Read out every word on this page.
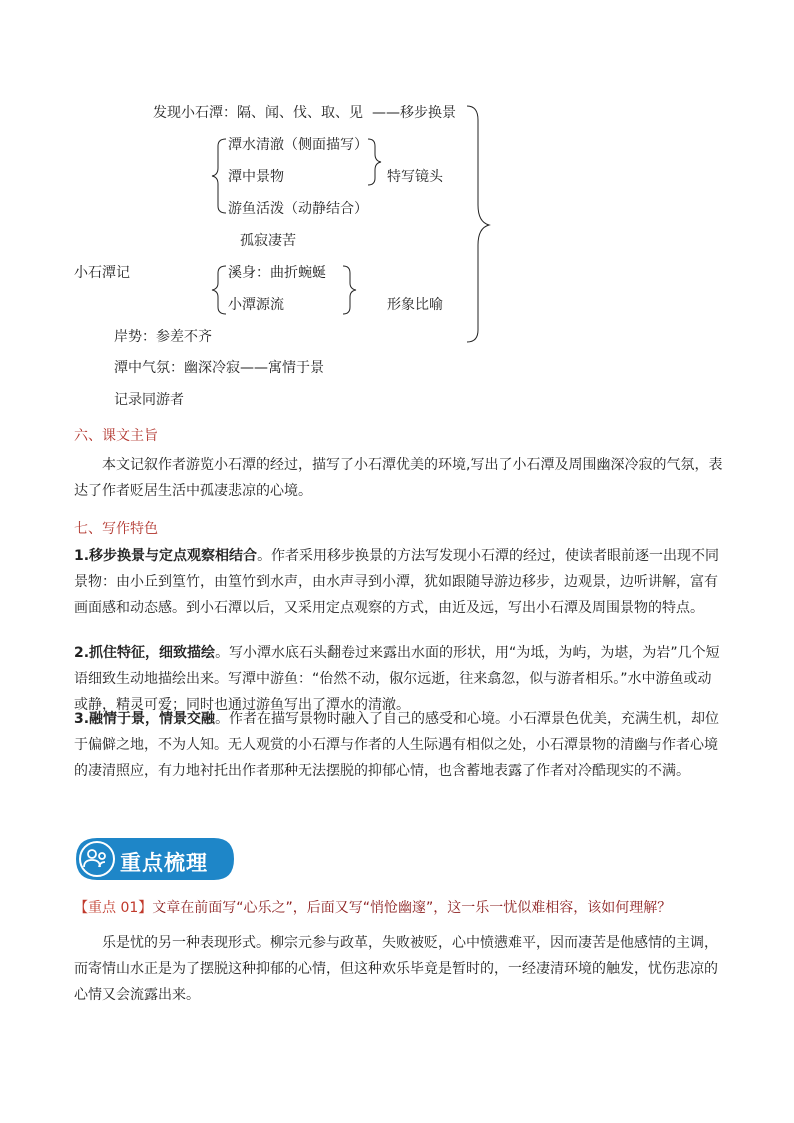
发现小石潭：隔、闻、伐、取、见 ——移步换景
潭水清澈（侧面描写）
潭中景物
游鱼活泼（动静结合）
特写镜头
孤寂凄苦
小石潭记	溪身：曲折蜿蜒
小潭源流	形象比喻
岸势：参差不齐
潭中气氛：幽深冷寂——寓情于景
记录同游者
六、课文主旨
本文记叙作者游览小石潭的经过，描写了小石潭优美的环境,写出了小石潭及周围幽深冷寂的气氛，表达了作者贬居生活中孤凄悲凉的心境。
七、写作特色
1.移步换景与定点观察相结合。作者采用移步换景的方法写发现小石潭的经过，使读者眼前逐一出现不同景物：由小丘到篁竹，由篁竹到水声，由水声寻到小潭，犹如跟随导游边移步，边观景，边听讲解，富有画面感和动态感。到小石潭以后，又采用定点观察的方式，由近及远，写出小石潭及周围景物的特点。
2.抓住特征，细致描绘。写小潭水底石头翻卷过来露出水面的形状，用“为坻，为屿，为堪，为岩”几个短语细致生动地描绘出来。写潭中游鱼：“佁然不动，俶尔远逝，往来翕忽，似与游者相乐。”水中游鱼或动或静，精灵可爱；同时也通过游鱼写出了潭水的清澈。
3.融情于景，情景交融。作者在描写景物时融入了自己的感受和心境。小石潭景色优美，充满生机，却位于偏僻之地，不为人知。无人观赏的小石潭与作者的人生际遇有相似之处，小石潭景物的清幽与作者心境的凄清照应，有力地衬托出作者那种无法摆脱的抑郁心情，也含蓄地表露了作者对冷酷现实的不满。
重点梳理
【重点 01】文章在前面写“心乐之”，后面又写“悄怆幽邃”，这一乐一忧似难相容，该如何理解？
乐是忧的另一种表现形式。柳宗元参与政革，失败被贬，心中愤懑难平，因而凄苦是他感情的主调，而寄情山水正是为了摆脱这种抑郁的心情，但这种欢乐毕竟是暂时的，一经凄清环境的触发，忧伤悲凉的心情又会流露出来。
